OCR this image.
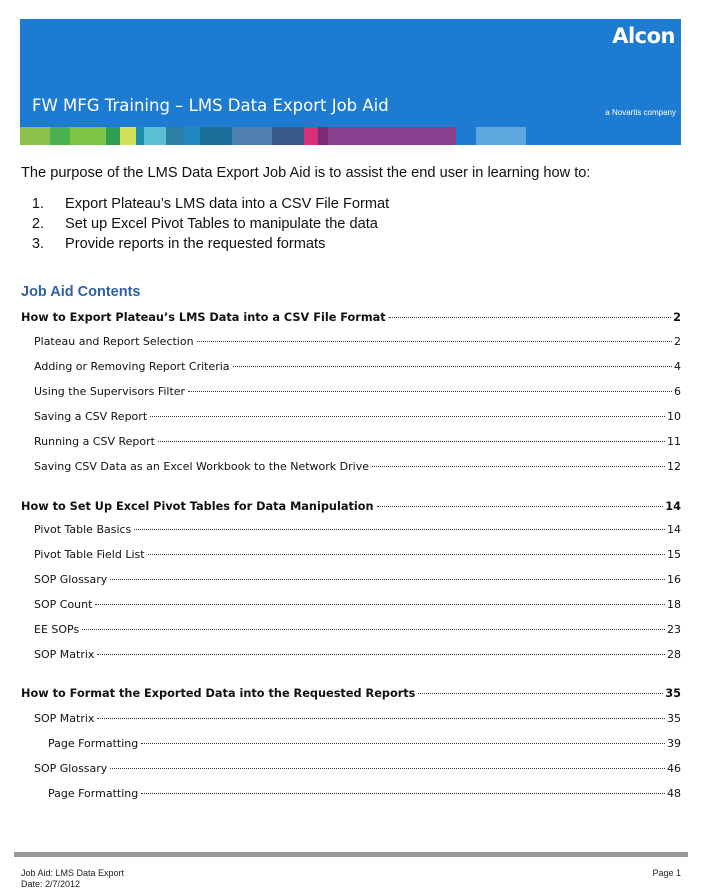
Alcon
FW MFG Training – LMS Data Export Job Aid	a Novartis company

The purpose of the LMS Data Export Job Aid is to assist the end user in learning how to:

1. Export Plateau’s LMS data into a CSV File Format
2. Set up Excel Pivot Tables to manipulate the data
3. Provide reports in the requested formats
Job Aid Contents
How to Export Plateau’s LMS Data into a CSV File Format	2
Plateau and Report Selection	2
Adding or Removing Report Criteria	4
Using the Supervisors Filter	6
Saving a CSV Report	10
Running a CSV Report	11
Saving CSV Data as an Excel Workbook to the Network Drive	12
How to Set Up Excel Pivot Tables for Data Manipulation	14
Pivot Table Basics	14
Pivot Table Field List	15
SOP Glossary	16
SOP Count	18
EE SOPs	23
SOP Matrix	28
How to Format the Exported Data into the Requested Reports	35
SOP Matrix	35
Page Formatting	39
SOP Glossary	46
Page Formatting	48
Job Aid: LMS Data Export
Date: 2/7/2012
Page 1
